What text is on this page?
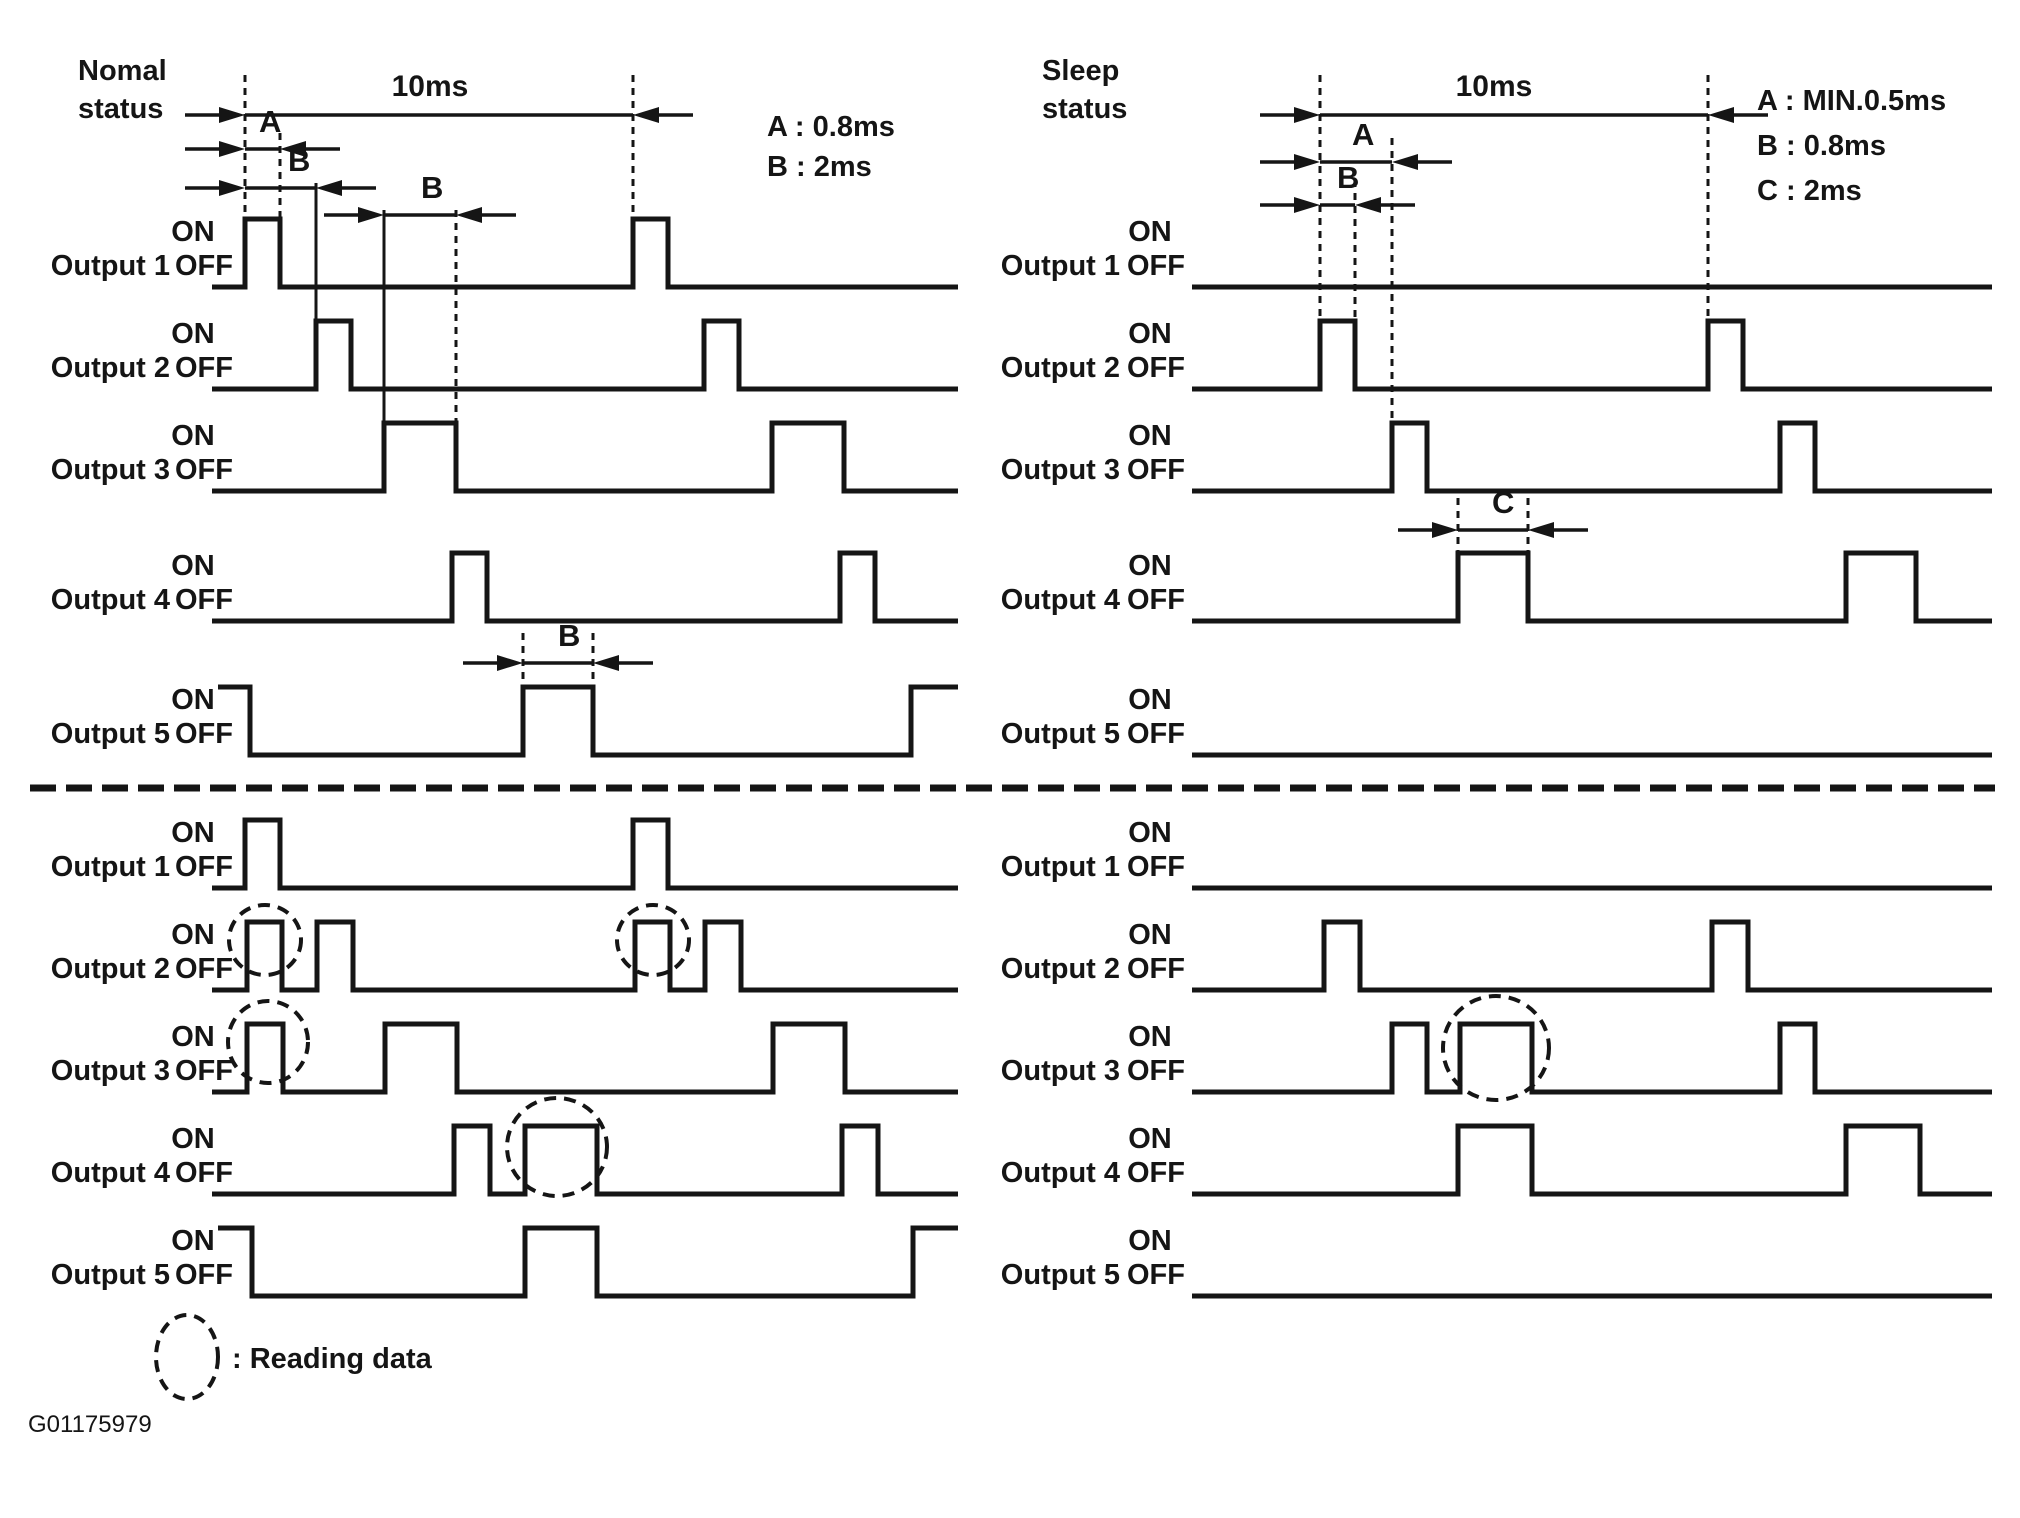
Nomal
status
Sleep
status
A : 0.8ms
B : 2ms
A : MIN.0.5ms
B : 0.8ms
C : 2ms
Output 1 OFF
ON
Output 2 OFF
ON
Output 3 OFF
ON
Output 4 OFF
ON
Output 5 OFF
ON
Output 1 OFF
ON
Output 2 OFF
ON
Output 3 OFF
ON
Output 4 OFF
ON
Output 5 OFF
ON
Output 1 OFF
ON
Output 2 OFF
ON
Output 3 OFF
ON
Output 4 OFF
ON
Output 5 OFF
ON
Output 1 OFF
ON
Output 2 OFF
ON
Output 3 OFF
ON
Output 4 OFF
ON
Output 5 OFF
ON
10ms
A
B
B
B
10ms
A
B
C
: Reading data
G01175979
